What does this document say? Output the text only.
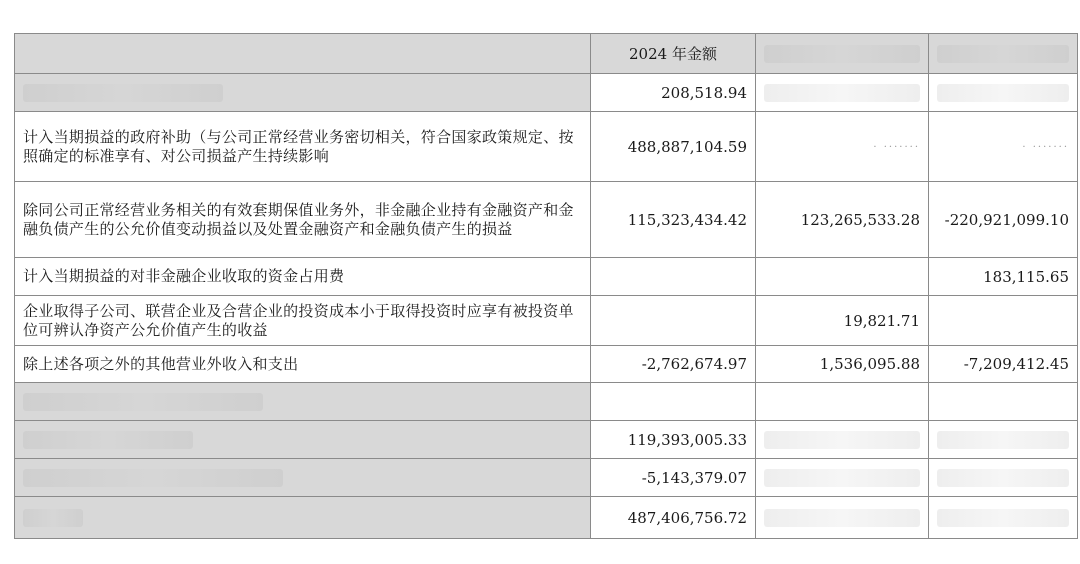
	2024 年金额	

	208,518.94	

计入当期损益的政府补助（与公司正常经营业务密切相关，符合国家政策规定、按照确定的标准享有、对公司损益产生持续影响	488,887,104.59	· ·······	· ·······
除同公司正常经营业务相关的有效套期保值业务外，非金融企业持有金融资产和金融负债产生的公允价值变动损益以及处置金融资产和金融负债产生的损益	115,323,434.42	123,265,533.28	-220,921,099.10
计入当期损益的对非金融企业收取的资金占用费			183,115.65
企业取得子公司、联营企业及合营企业的投资成本小于取得投资时应享有被投资单位可辨认净资产公允价值产生的收益		19,821.71	
除上述各项之外的其他营业外收入和支出	-2,762,674.97	1,536,095.88	-7,209,412.45

	119,393,005.33	

	-5,143,379.07	

	487,406,756.72	
